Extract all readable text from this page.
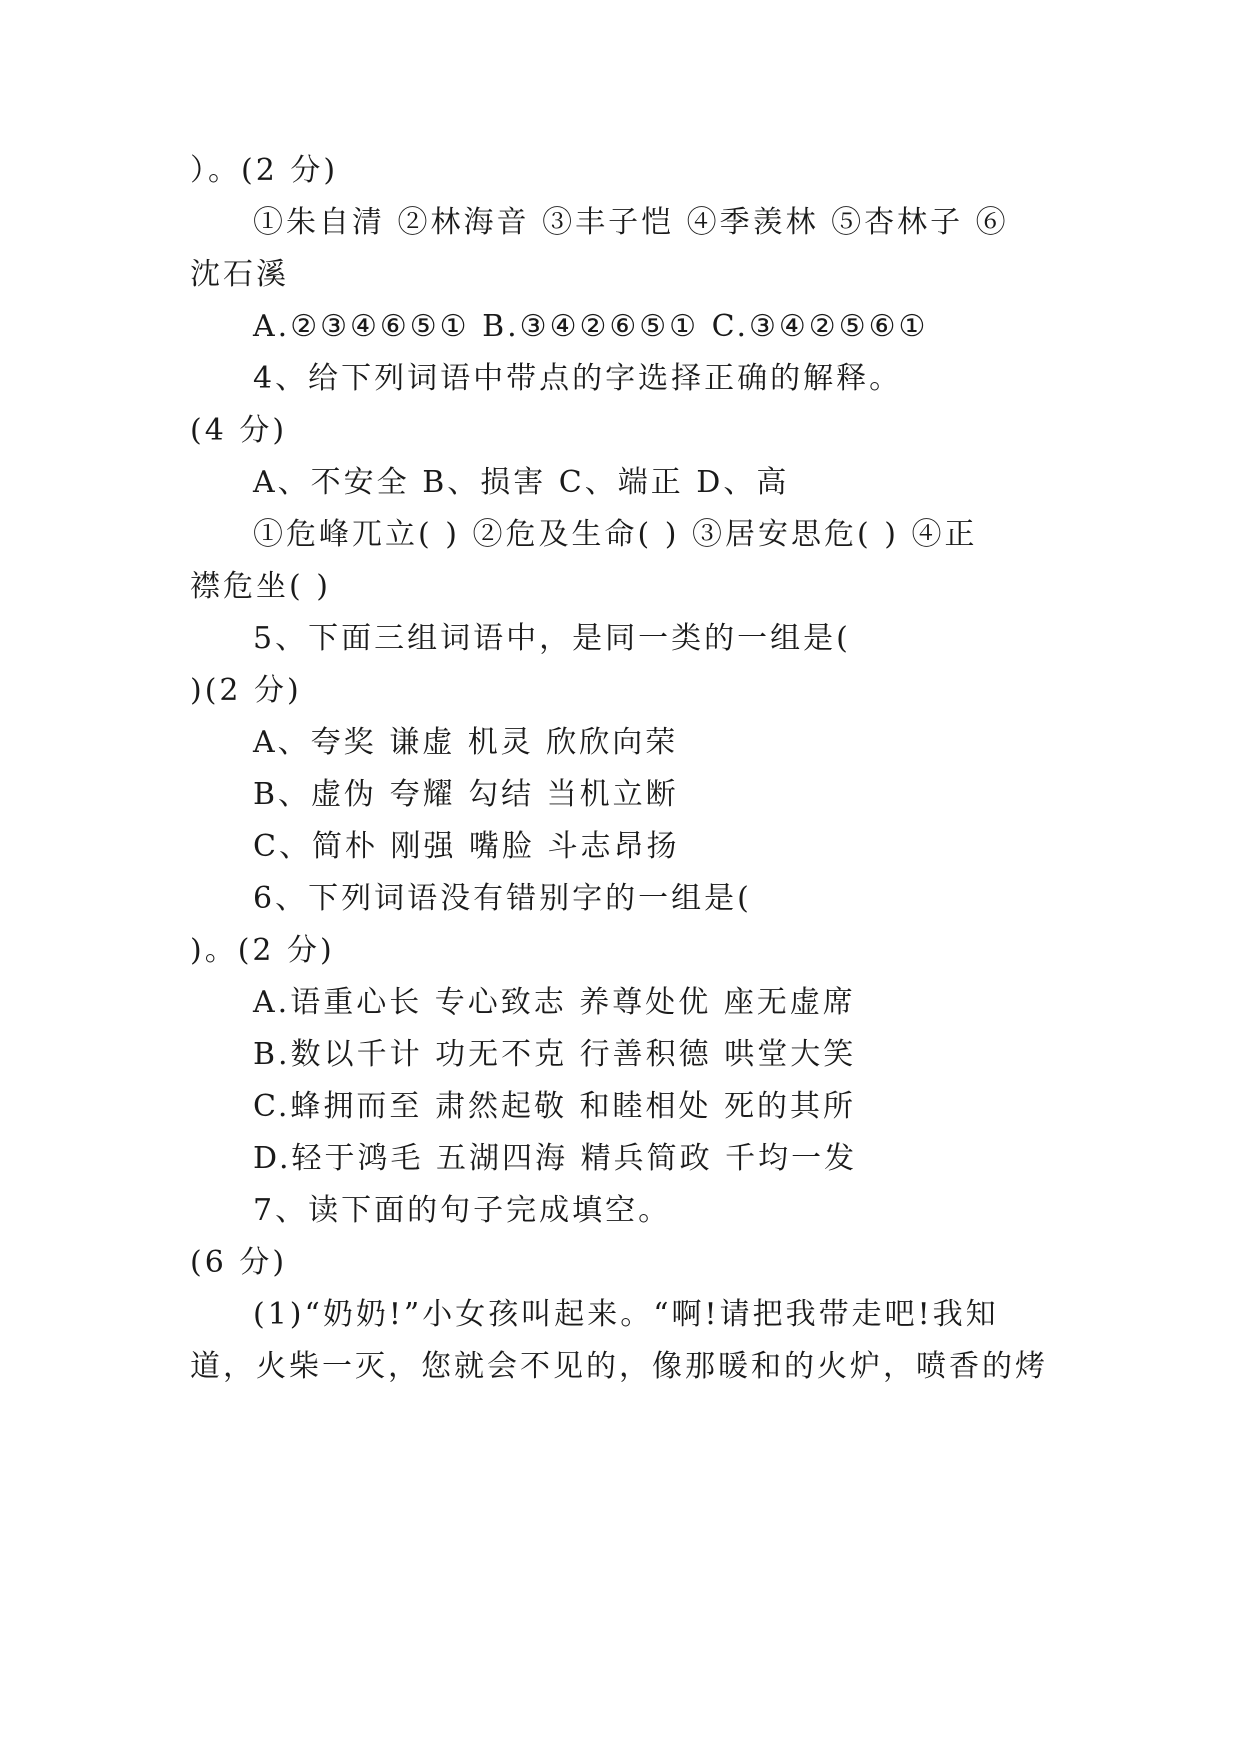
）。(2 分)
①朱自清 ②林海音 ③丰子恺 ④季羡林 ⑤杏林子 ⑥
沈石溪
A.②③④⑥⑤① B.③④②⑥⑤① C.③④②⑤⑥①
4、给下列词语中带点的字选择正确的解释。
(4 分)
A、不安全 B、损害 C、端正 D、高
①危峰兀立( ) ②危及生命( ) ③居安思危( ) ④正
襟危坐( )
5、下面三组词语中，是同一类的一组是(
)(2 分)
A、夸奖 谦虚 机灵 欣欣向荣
B、虚伪 夸耀 勾结 当机立断
C、简朴 刚强 嘴脸 斗志昂扬
6、下列词语没有错别字的一组是(
)。(2 分)
A.语重心长 专心致志 养尊处优 座无虚席
B.数以千计 功无不克 行善积德 哄堂大笑
C.蜂拥而至 肃然起敬 和睦相处 死的其所
D.轻于鸿毛 五湖四海 精兵简政 千均一发
7、读下面的句子完成填空。
(6 分)
(1)“奶奶!”小女孩叫起来。“啊!请把我带走吧!我知
道，火柴一灭，您就会不见的，像那暖和的火炉，喷香的烤
